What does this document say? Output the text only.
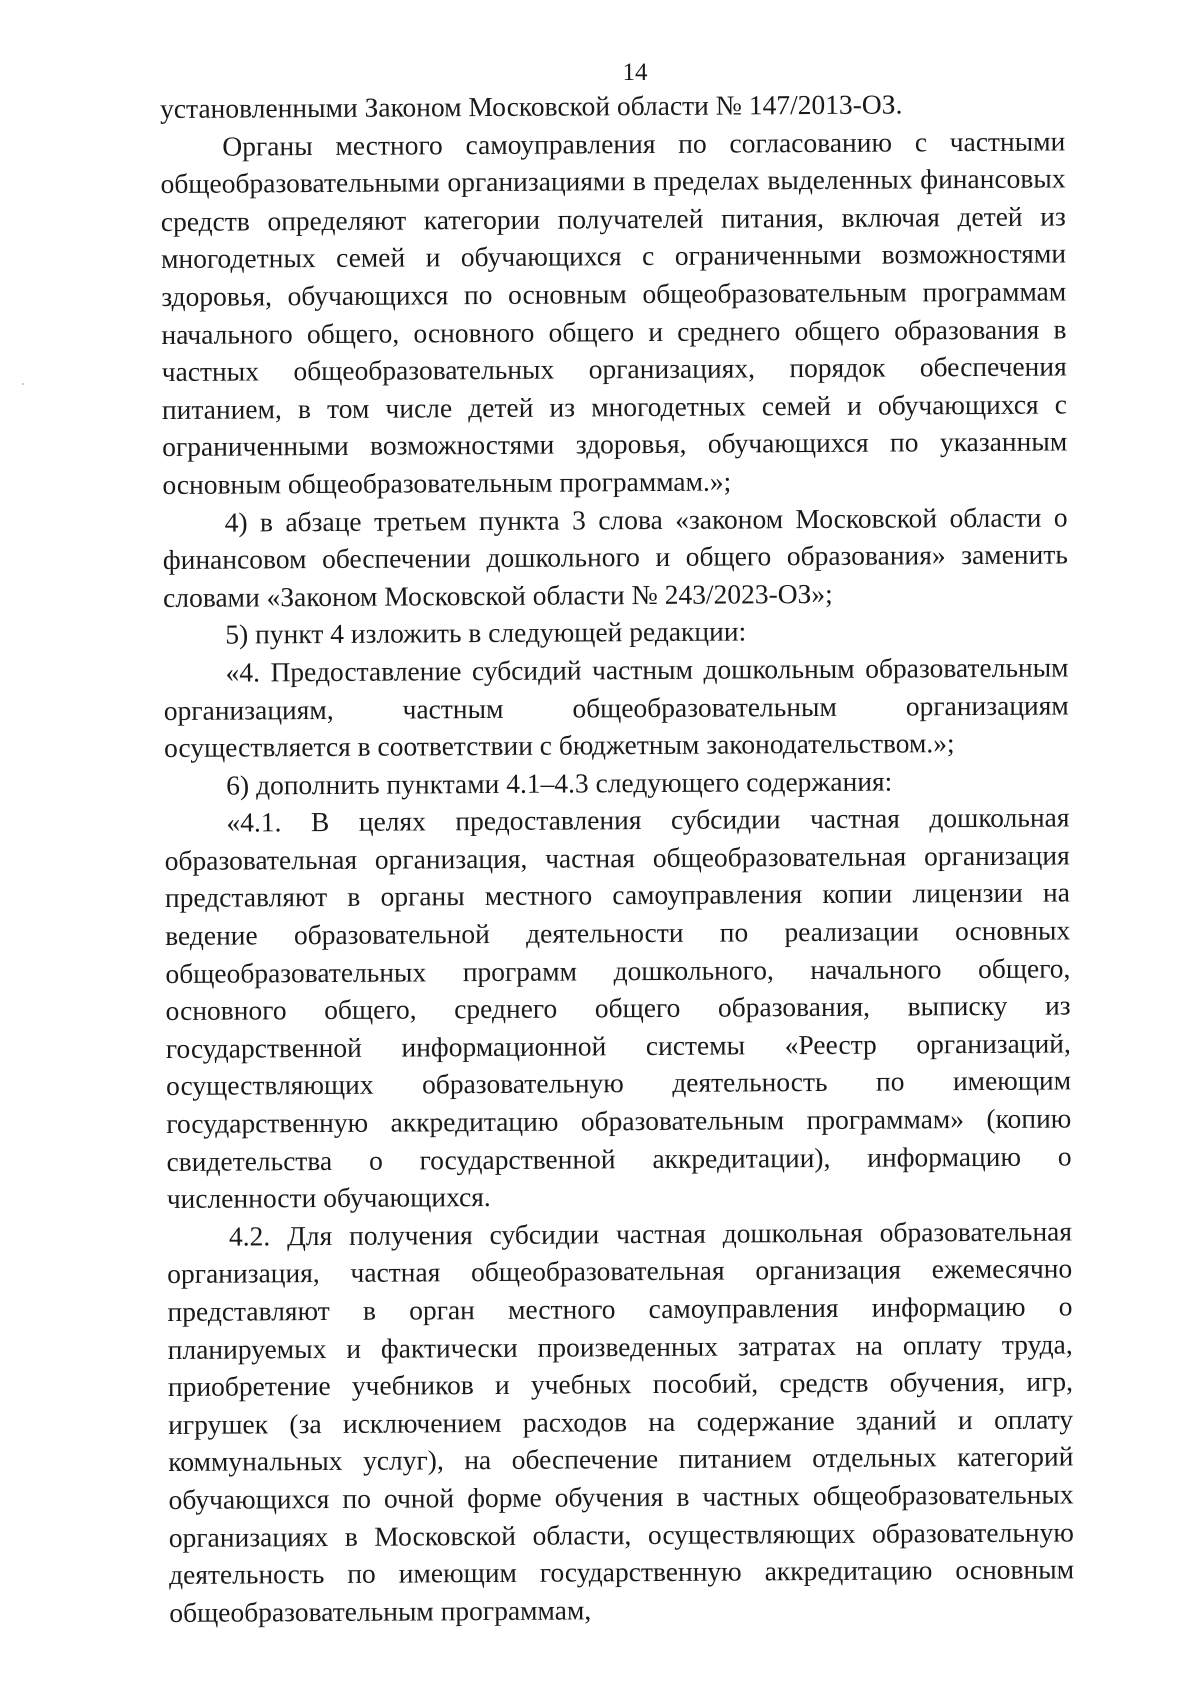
14

установленными Законом Московской области № 147/2013-ОЗ.

Органы местного самоуправления по согласованию с частными общеобразовательными организациями в пределах выделенных финансовых средств определяют категории получателей питания, включая детей из многодетных семей и обучающихся с ограниченными возможностями здоровья, обучающихся по основным общеобразовательным программам начального общего, основного общего и среднего общего образования в частных общеобразовательных организациях, порядок обеспечения питанием, в том числе детей из многодетных семей и обучающихся с ограниченными возможностями здоровья, обучающихся по указанным основным общеобразовательным программам.»;

4) в абзаце третьем пункта 3 слова «законом Московской области о финансовом обеспечении дошкольного и общего образования» заменить словами «Законом Московской области № 243/2023-ОЗ»;

5) пункт 4 изложить в следующей редакции:

«4. Предоставление субсидий частным дошкольным образовательным организациям, частным общеобразовательным организациям осуществляется в соответствии с бюджетным законодательством.»;

6) дополнить пунктами 4.1–4.3 следующего содержания:

«4.1. В целях предоставления субсидии частная дошкольная образовательная организация, частная общеобразовательная организация представляют в органы местного самоуправления копии лицензии на ведение образовательной деятельности по реализации основных общеобразовательных программ дошкольного, начального общего, основного общего, среднего общего образования, выписку из государственной информационной системы «Реестр организаций, осуществляющих образовательную деятельность по имеющим государственную аккредитацию образовательным программам» (копию свидетельства о государственной аккредитации), информацию о численности обучающихся.

4.2. Для получения субсидии частная дошкольная образовательная организация, частная общеобразовательная организация ежемесячно представляют в орган местного самоуправления информацию о планируемых и фактически произведенных затратах на оплату труда, приобретение учебников и учебных пособий, средств обучения, игр, игрушек (за исключением расходов на содержание зданий и оплату коммунальных услуг), на обеспечение питанием отдельных категорий обучающихся по очной форме обучения в частных общеобразовательных организациях в Московской области, осуществляющих образовательную деятельность по имеющим государственную аккредитацию основным общеобразовательным программам,
